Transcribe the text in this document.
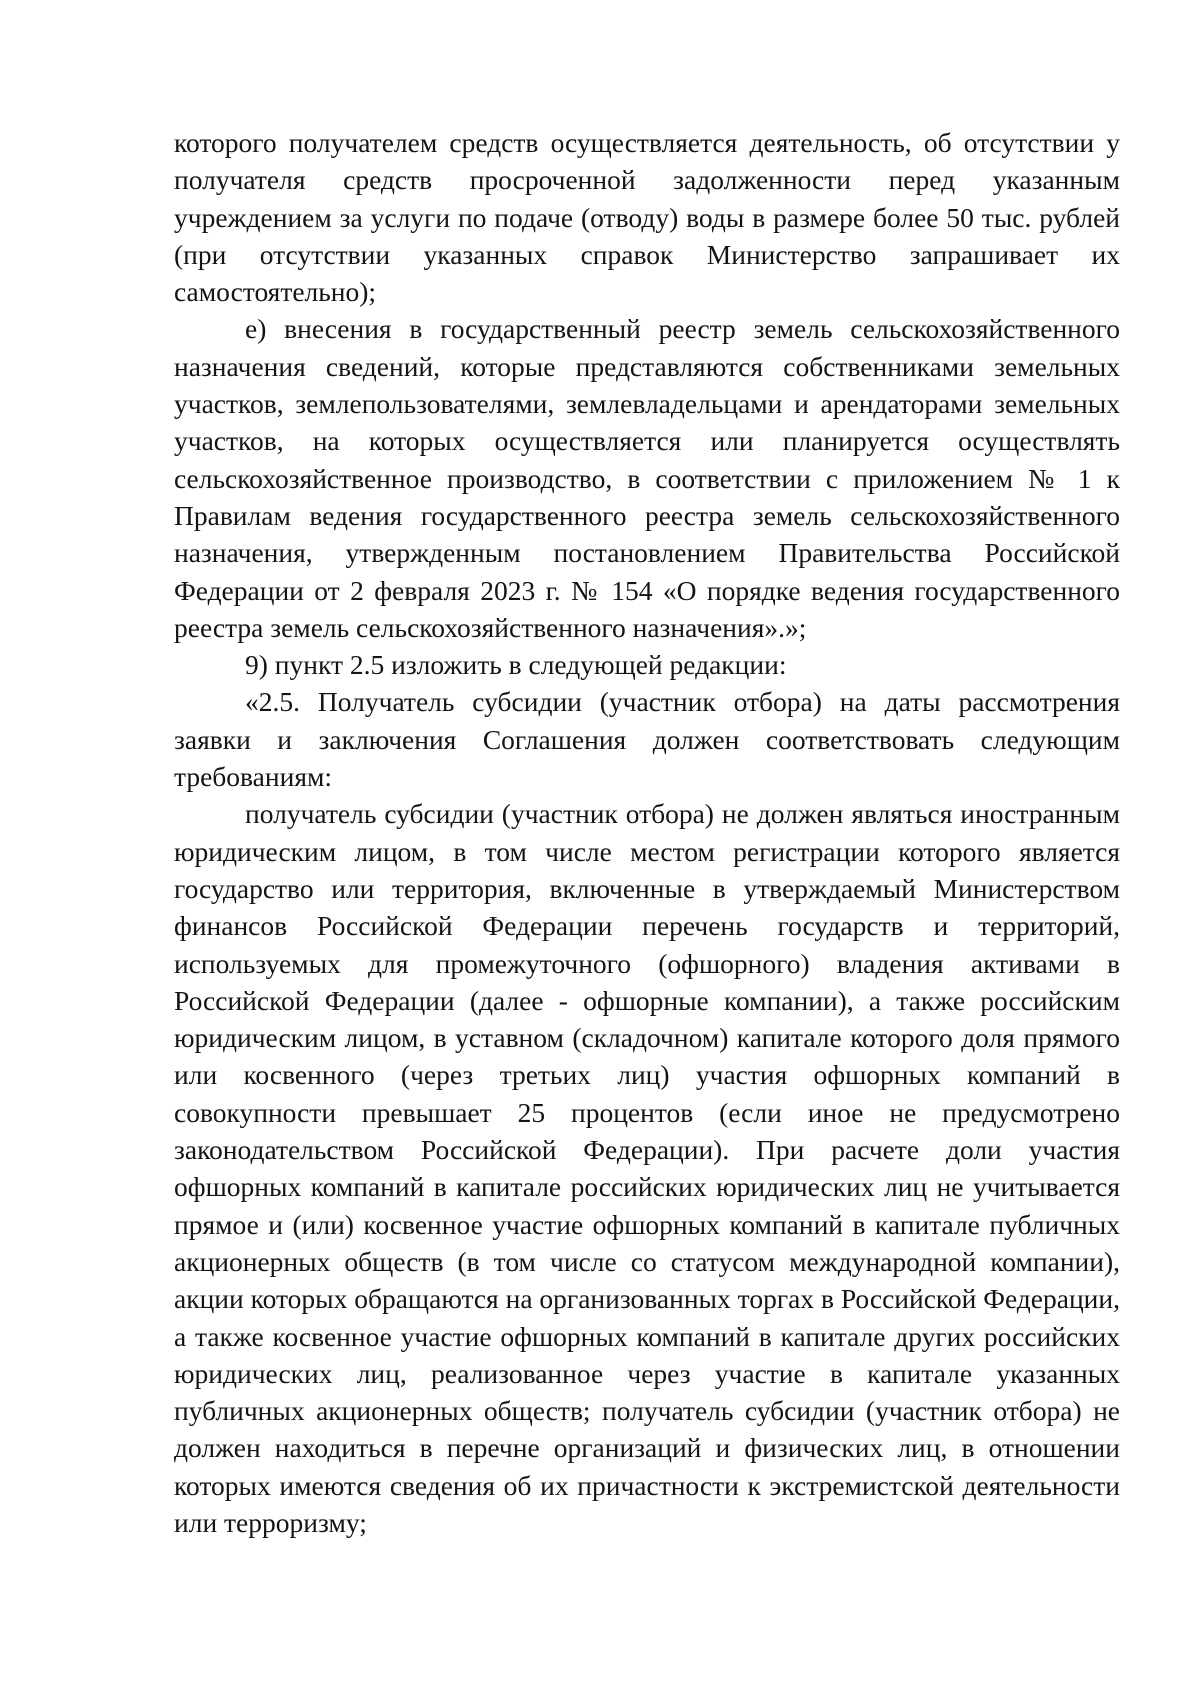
которого получателем средств осуществляется деятельность, об отсутствии у получателя средств просроченной задолженности перед указанным учреждением за услуги по подаче (отводу) воды в размере более 50 тыс. рублей (при отсутствии указанных справок Министерство запрашивает их самостоятельно);

е) внесения в государственный реестр земель сельскохозяйственного назначения сведений, которые представляются собственниками земельных участков, землепользователями, землевладельцами и арендаторами земельных участков, на которых осуществляется или планируется осуществлять сельскохозяйственное производство, в соответствии с приложением № 1 к Правилам ведения государственного реестра земель сельскохозяйственного назначения, утвержденным постановлением Правительства Российской Федерации от 2 февраля 2023 г. № 154 «О порядке ведения государственного реестра земель сельскохозяйственного назначения».»;

9) пункт 2.5 изложить в следующей редакции:

«2.5. Получатель субсидии (участник отбора) на даты рассмотрения заявки и заключения Соглашения должен соответствовать следующим требованиям:

получатель субсидии (участник отбора) не должен являться иностранным юридическим лицом, в том числе местом регистрации которого является государство или территория, включенные в утверждаемый Министерством финансов Российской Федерации перечень государств и территорий, используемых для промежуточного (офшорного) владения активами в Российской Федерации (далее - офшорные компании), а также российским юридическим лицом, в уставном (складочном) капитале которого доля прямого или косвенного (через третьих лиц) участия офшорных компаний в совокупности превышает 25 процентов (если иное не предусмотрено законодательством Российской Федерации). При расчете доли участия офшорных компаний в капитале российских юридических лиц не учитывается прямое и (или) косвенное участие офшорных компаний в капитале публичных акционерных обществ (в том числе со статусом международной компании), акции которых обращаются на организованных торгах в Российской Федерации, а также косвенное участие офшорных компаний в капитале других российских юридических лиц, реализованное через участие в капитале указанных публичных акционерных обществ; получатель субсидии (участник отбора) не должен находиться в перечне организаций и физических лиц, в отношении которых имеются сведения об их причастности к экстремистской деятельности или терроризму;
